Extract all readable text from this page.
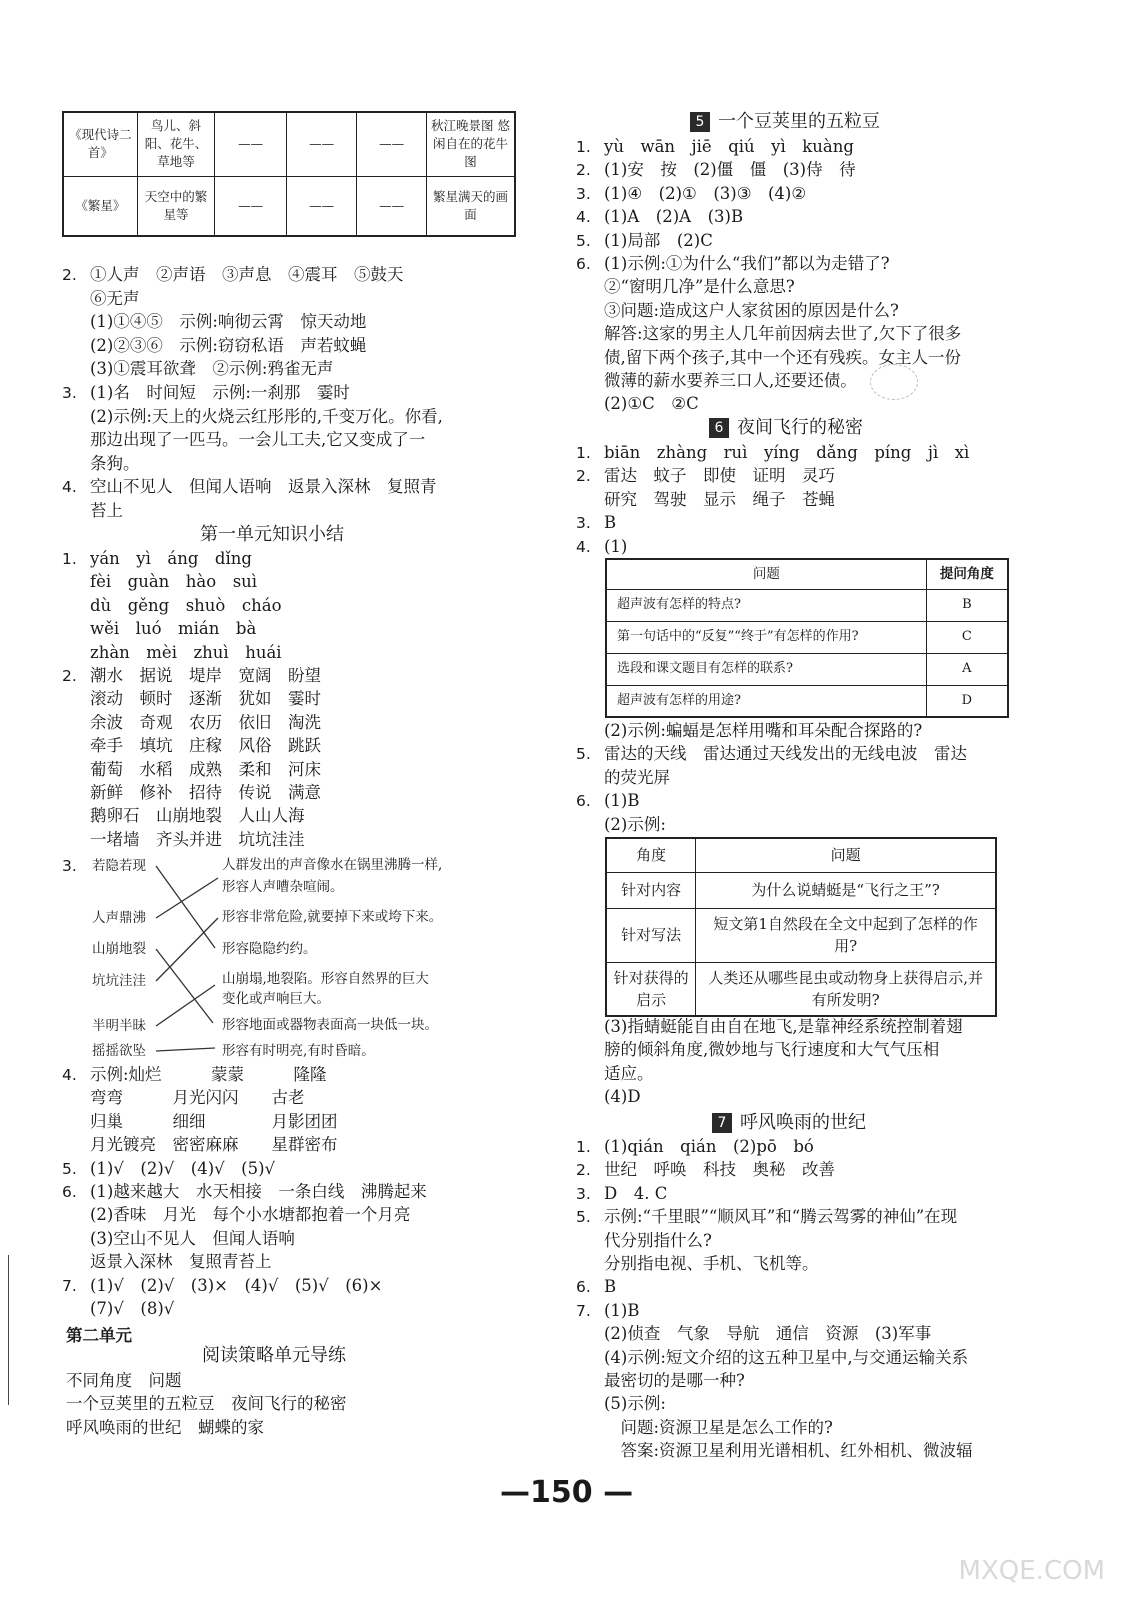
—150 —
MXQE.COM
《现代诗二首》	鸟儿、斜阳、花牛、草地等	——	——	——	秋江晚景图 悠闲自在的花牛图
《繁星》	天空中的繁星等	——	——	——	繁星满天的画面
2. ①人声　②声语　③声息　④震耳　⑤鼓天
⑥无声
(1)①④⑤　示例:响彻云霄　惊天动地
(2)②③⑥　示例:窃窃私语　声若蚊蝇
(3)①震耳欲聋　②示例:鸦雀无声
3. (1)名　时间短　示例:一刹那　霎时
(2)示例:天上的火烧云红彤彤的,千变万化。你看,
那边出现了一匹马。一会儿工夫,它又变成了一
条狗。
4. 空山不见人　但闻人语响　返景入深林　复照青
苔上
第一单元知识小结
1. yán　yì　áng　dǐng
fèi　guàn　hào　suì
dù　gěng　shuò　cháo
wěi　luó　mián　bà
zhàn　mèi　zhuì　huái
2. 潮水　据说　堤岸　宽阔　盼望
滚动　顿时　逐渐　犹如　霎时
余波　奇观　农历　依旧　淘洗
牵手　填坑　庄稼　风俗　跳跃
葡萄　水稻　成熟　柔和　河床
新鲜　修补　招待　传说　满意
鹅卵石　山崩地裂　人山人海
一堵墙　齐头并进　坑坑洼洼
3. 若隐若现
人声鼎沸
山崩地裂
坑坑洼洼
半明半昧
摇摇欲坠
人群发出的声音像水在锅里沸腾一样,
形容人声嘈杂喧闹。
形容非常危险,就要掉下来或垮下来。
形容隐隐约约。
山崩塌,地裂陷。形容自然界的巨大
变化或声响巨大。
形容地面或器物表面高一块低一块。
形容有时明亮,有时昏暗。
4. 示例:灿烂　　　蒙蒙　　　隆隆
弯弯　　　月光闪闪　　古老
归巢　　　细细　　　　月影团团
月光镀亮　密密麻麻　　星群密布
5. (1)√　(2)√　(4)√　(5)√
6. (1)越来越大　水天相接　一条白线　沸腾起来
(2)香味　月光　每个小水塘都抱着一个月亮
(3)空山不见人　但闻人语响
返景入深林　复照青苔上
7. (1)√　(2)√　(3)×　(4)√　(5)√　(6)×
(7)√　(8)√
第二单元
阅读策略单元导练
不同角度　问题
一个豆荚里的五粒豆　夜间飞行的秘密
呼风唤雨的世纪　蝴蝶的家
5 一个豆荚里的五粒豆
1. yù　wān　jiē　qiú　yì　kuàng
2. (1)安　按　(2)僵　僵　(3)侍　待
3. (1)④　(2)①　(3)③　(4)②
4. (1)A　(2)A　(3)B
5. (1)局部　(2)C
6. (1)示例:①为什么“我们”都以为走错了?
②“窗明几净”是什么意思?
③问题:造成这户人家贫困的原因是什么?
解答:这家的男主人几年前因病去世了,欠下了很多
债,留下两个孩子,其中一个还有残疾。女主人一份
微薄的薪水要养三口人,还要还债。
(2)①C　②C
6 夜间飞行的秘密
1. biān　zhàng　ruì　yíng　dǎng　píng　jì　xì
2. 雷达　蚊子　即使　证明　灵巧
研究　驾驶　显示　绳子　苍蝇
3. B
4. (1)
问题	提问角度
超声波有怎样的特点?	B
第一句话中的“反复”“终于”有怎样的作用?	C
选段和课文题目有怎样的联系?	A
超声波有怎样的用途?	D
(2)示例:蝙蝠是怎样用嘴和耳朵配合探路的?
5. 雷达的天线　雷达通过天线发出的无线电波　雷达
的荧光屏
6. (1)B
(2)示例:
角度	问题
针对内容	为什么说蜻蜓是“飞行之王”?
针对写法	短文第1自然段在全文中起到了怎样的作用?
针对获得的启示	人类还从哪些昆虫或动物身上获得启示,并有所发明?
(3)指蜻蜓能自由自在地飞,是靠神经系统控制着翅
膀的倾斜角度,微妙地与飞行速度和大气气压相
适应。
(4)D
7 呼风唤雨的世纪
1. (1)qián　qián　(2)pō　bó
2. 世纪　呼唤　科技　奥秘　改善
3. D　4. C
5. 示例:“千里眼”“顺风耳”和“腾云驾雾的神仙”在现
代分别指什么?
分别指电视、手机、飞机等。
6. B
7. (1)B
(2)侦查　气象　导航　通信　资源　(3)军事
(4)示例:短文介绍的这五种卫星中,与交通运输关系
最密切的是哪一种?
(5)示例:
　问题:资源卫星是怎么工作的?
　答案:资源卫星利用光谱相机、红外相机、微波辐
